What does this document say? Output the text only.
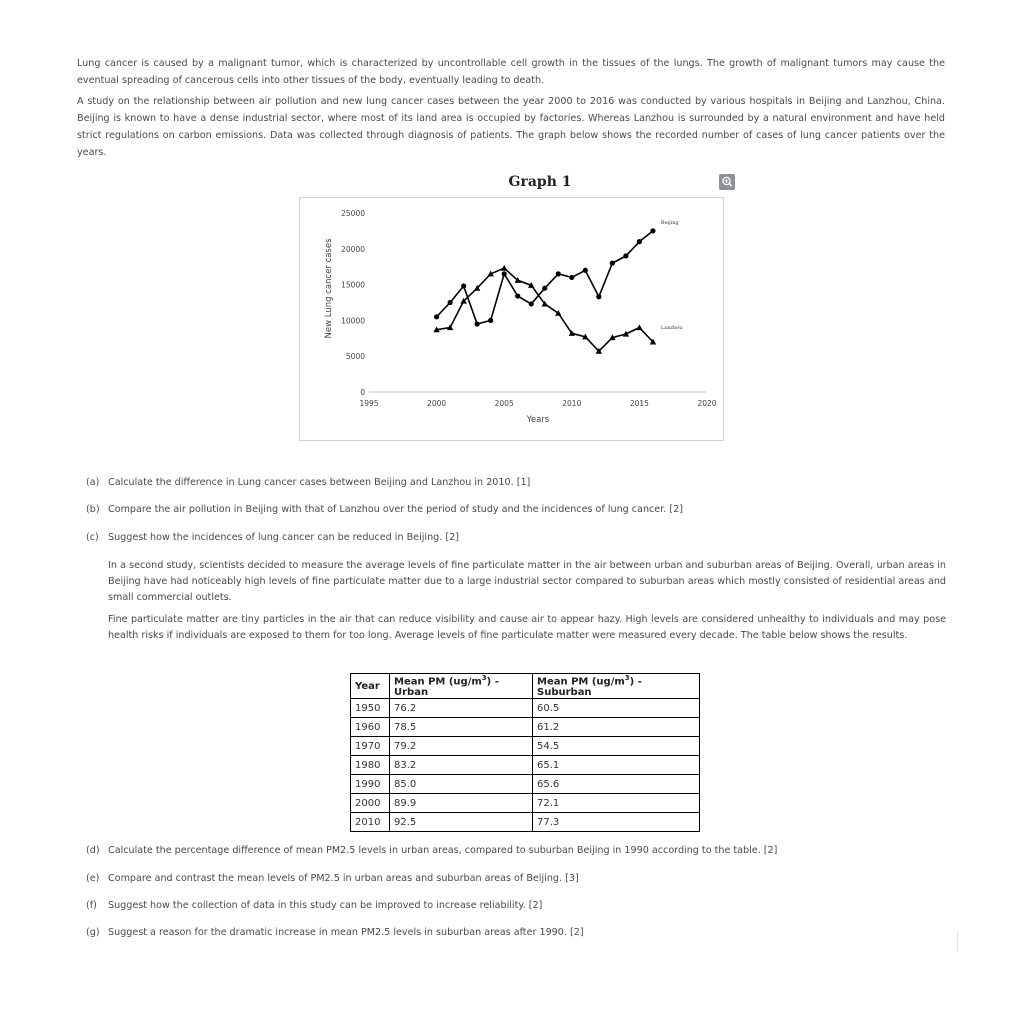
Lung cancer is caused by a malignant tumor, which is characterized by uncontrollable cell growth in the tissues of the lungs. The growth of malignant tumors may cause the eventual spreading of cancerous cells into other tissues of the body, eventually leading to death.

A study on the relationship between air pollution and new lung cancer cases between the year 2000 to 2016 was conducted by various hospitals in Beijing and Lanzhou, China. Beijing is known to have a dense industrial sector, where most of its land area is occupied by factories. Whereas Lanzhou is surrounded by a natural environment and have held strict regulations on carbon emissions. Data was collected through diagnosis of patients. The graph below shows the recorded number of cases of lung cancer patients over the years.

Graph 1
0
5000
10000
15000
20000
25000
1995	2000	2005	2010	2015	2020
Years
New Lung cancer cases
Beijing
Lanzhou

(a) Calculate the difference in Lung cancer cases between Beijing and Lanzhou in 2010. [1]

(b) Compare the air pollution in Beijing with that of Lanzhou over the period of study and the incidences of lung cancer. [2]

(c) Suggest how the incidences of lung cancer can be reduced in Beijing. [2]

In a second study, scientists decided to measure the average levels of fine particulate matter in the air between urban and suburban areas of Beijing. Overall, urban areas in Beijing have had noticeably high levels of fine particulate matter due to a large industrial sector compared to suburban areas which mostly consisted of residential areas and small commercial outlets.

Fine particulate matter are tiny particles in the air that can reduce visibility and cause air to appear hazy. High levels are considered unhealthy to individuals and may pose health risks if individuals are exposed to them for too long. Average levels of fine particulate matter were measured every decade. The table below shows the results.

Year	Mean PM $(ug/m^3)$ - Urban	Mean PM $(ug/m^3)$ - Suburban
1950	76.2	60.5
1960	78.5	61.2
1970	79.2	54.5
1980	83.2	65.1
1990	85.0	65.6
2000	89.9	72.1
2010	92.5	77.3

(d) Calculate the percentage difference of mean PM2.5 levels in urban areas, compared to suburban Beijing in 1990 according to the table. [2]

(e) Compare and contrast the mean levels of PM2.5 in urban areas and suburban areas of Beijing. [3]

(f) Suggest how the collection of data in this study can be improved to increase reliability. [2]

(g) Suggest a reason for the dramatic increase in mean PM2.5 levels in suburban areas after 1990. [2]
